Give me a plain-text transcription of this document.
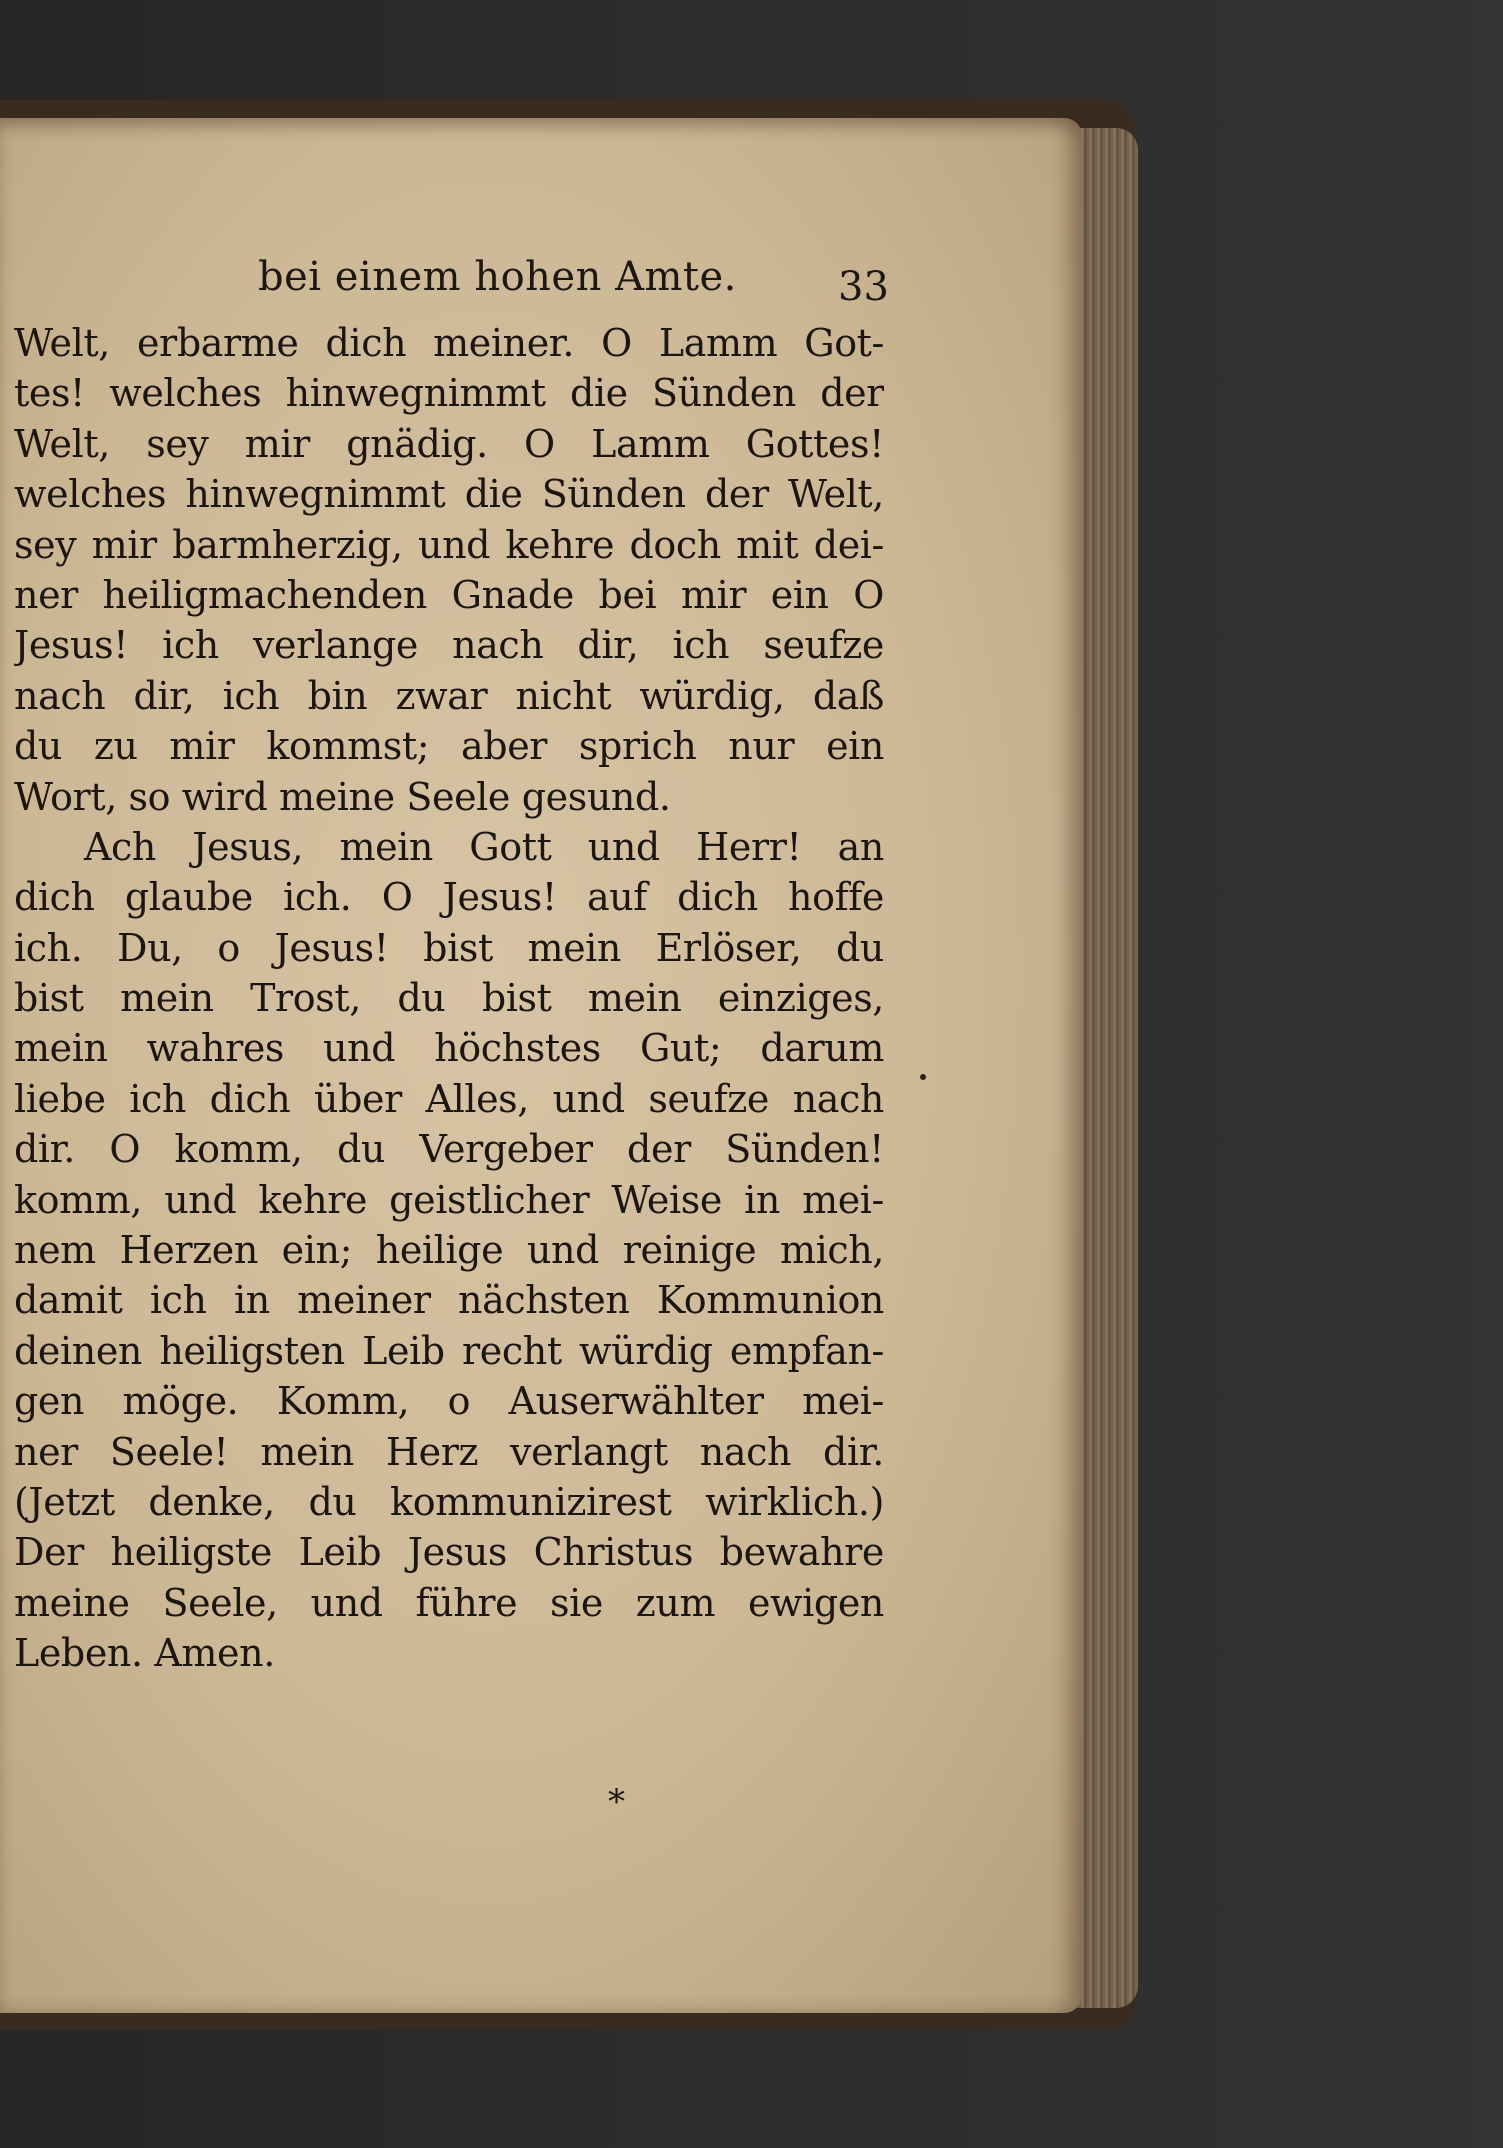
bei einem hohen Amte.	33
Welt, erbarme dich meiner. O Lamm Got-
tes! welches hinwegnimmt die Sünden der
Welt, sey mir gnädig. O Lamm Gottes!
welches hinwegnimmt die Sünden der Welt,
sey mir barmherzig, und kehre doch mit dei-
ner heiligmachenden Gnade bei mir ein O
Jesus! ich verlange nach dir, ich seufze
nach dir, ich bin zwar nicht würdig, daß
du zu mir kommst; aber sprich nur ein
Wort, so wird meine Seele gesund.
Ach Jesus, mein Gott und Herr! an
dich glaube ich. O Jesus! auf dich hoffe
ich. Du, o Jesus! bist mein Erlöser, du
bist mein Trost, du bist mein einziges,
mein wahres und höchstes Gut; darum
liebe ich dich über Alles, und seufze nach
dir. O komm, du Vergeber der Sünden!
komm, und kehre geistlicher Weise in mei-
nem Herzen ein; heilige und reinige mich,
damit ich in meiner nächsten Kommunion
deinen heiligsten Leib recht würdig empfan-
gen möge. Komm, o Auserwählter mei-
ner Seele! mein Herz verlangt nach dir.
(Jetzt denke, du kommunizirest wirklich.)
Der heiligste Leib Jesus Christus bewahre
meine Seele, und führe sie zum ewigen
Leben. Amen.
*
